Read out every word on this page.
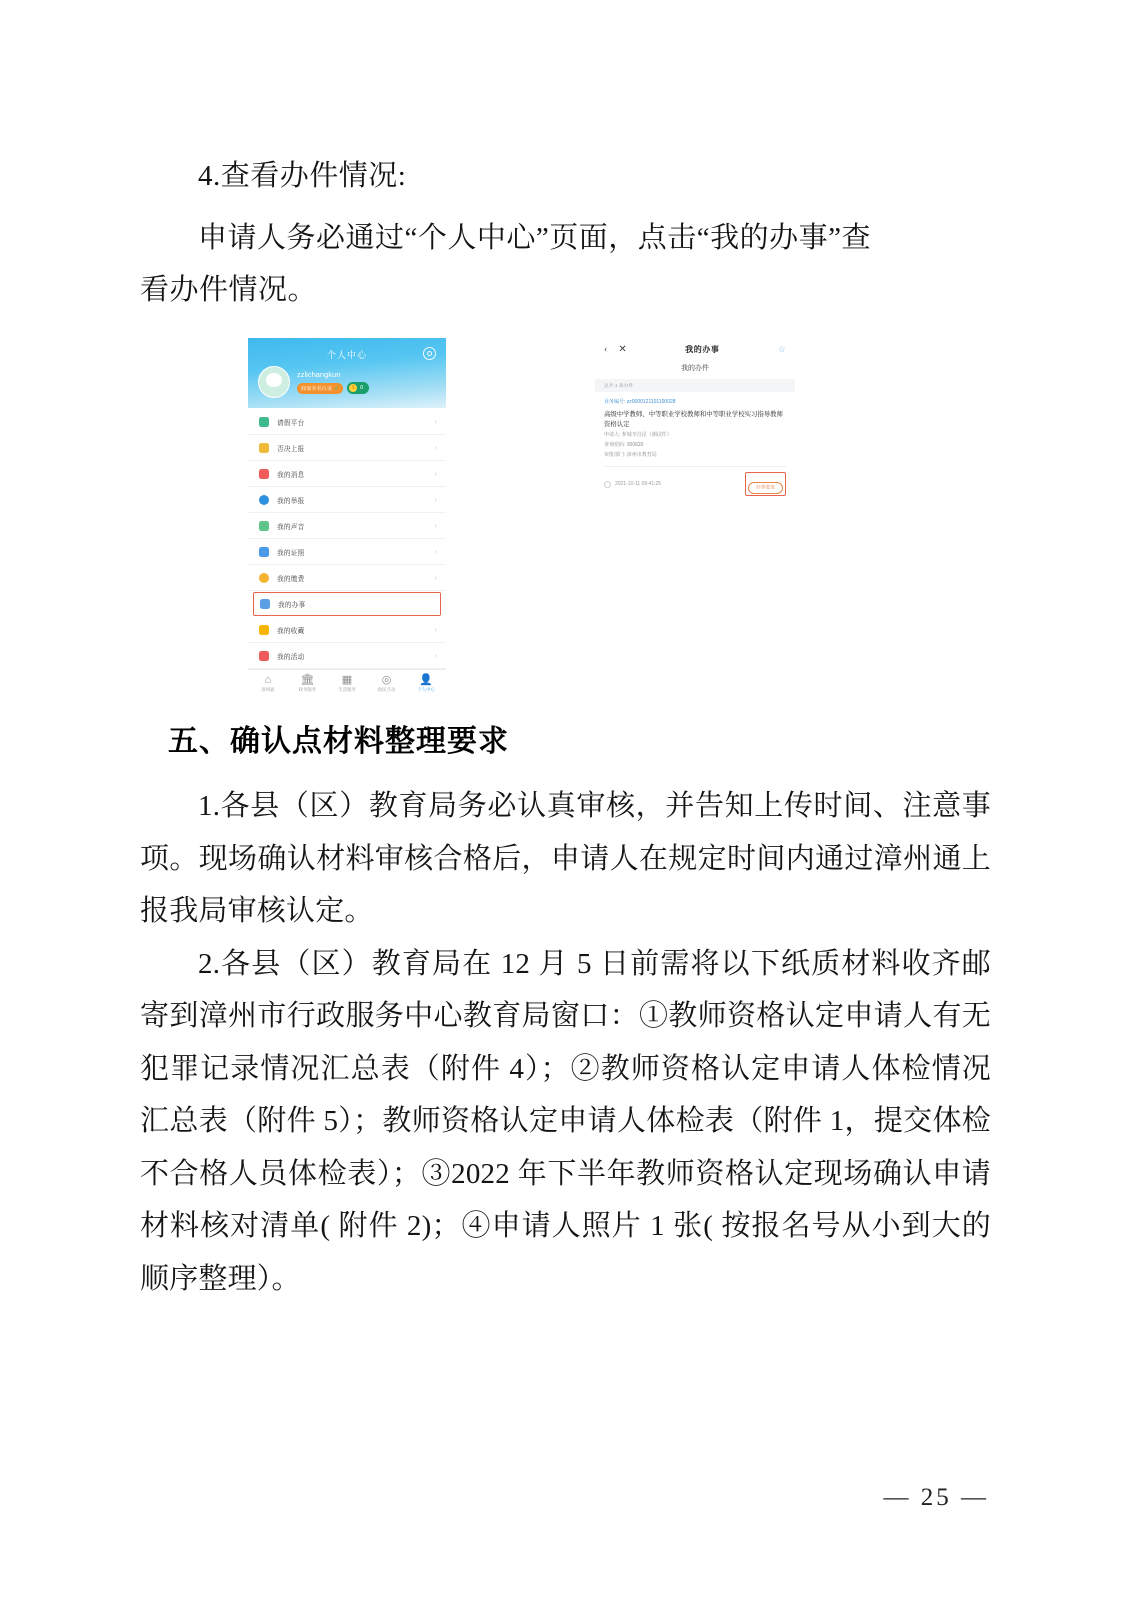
4.查看办件情况:
申请人务必通过“个人中心”页面，点击“我的办事”查
看办件情况。
个人中心
zzlichangkun
商家实名认证 ✓	$	0
请假平台	›
否决上报	›
我的消息	›
我的举报	›
我的声音	›
我的证照	›
我的缴费	›
我的办事
我的收藏	›
我的活动	›
⌂
漳州通
🏛
政务服务
▦
生活服务
◎
政民互动
👤
个人中心
‹ ✕	我的办事	☆
我的办件
总共 1 条办件
业务编号: zz0000121101100028
高级中学教师、中等职业学校教师和中等职业学校实习指导教师资格认定
申请人: 芗城李昌昆（测试件）
查询密码: 300620
审批部门: 漳州市教育局
2021-10-11 09:41:25
办事进度
五、确认点材料整理要求
1.各县（区）教育局务必认真审核，并告知上传时间、注意事项。现场确认材料审核合格后，申请人在规定时间内通过漳州通上报我局审核认定。
2.各县（区）教育局在 12 月 5 日前需将以下纸质材料收齐邮寄到漳州市行政服务中心教育局窗口：①教师资格认定申请人有无犯罪记录情况汇总表（附件 4）；②教师资格认定申请人体检情况汇总表（附件 5）；教师资格认定申请人体检表（附件 1，提交体检不合格人员体检表）；③2022 年下半年教师资格认定现场确认申请材料核对清单( 附件 2)；④申请人照片 1 张( 按报名号从小到大的顺序整理）。
— 25 —
